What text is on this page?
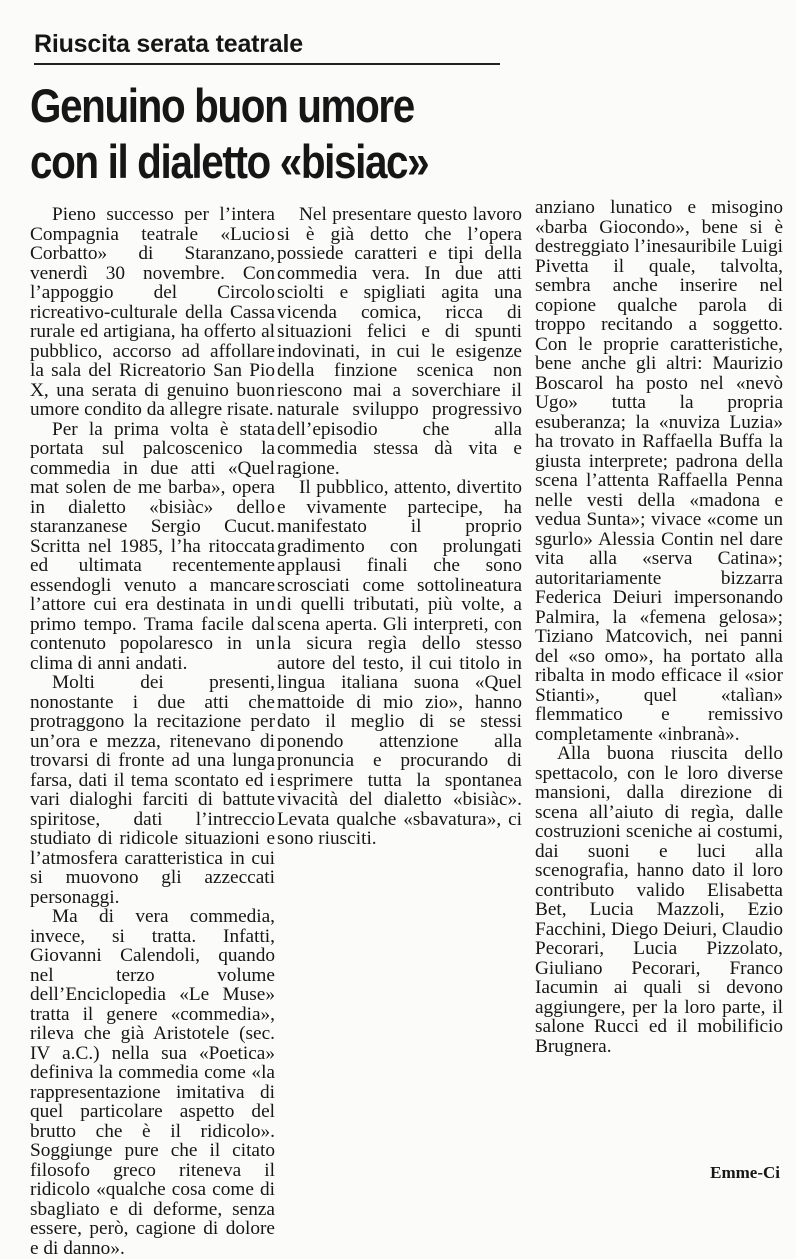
Riuscita serata teatrale
Genuino buon umore
con il dialetto «bisiac»

Pieno successo per l’intera Compagnia teatrale «Lucio Corbatto» di Staranzano, venerdì 30 novembre. Con l’appoggio del Circolo ricreativo-culturale della Cassa rurale ed artigiana, ha offerto al pubblico, accorso ad affollare la sala del Ricreatorio San Pio X, una serata di genuino buon umore condito da allegre risate.

Per la prima volta è stata portata sul palcoscenico la commedia in due atti «Quel mat solen de me barba», opera in dialetto «bisiàc» dello staranzanese Sergio Cucut. Scritta nel 1985, l’ha ritoccata ed ultimata recentemente essendogli venuto a mancare l’attore cui era destinata in un primo tempo. Trama facile dal contenuto popolaresco in un clima di anni andati.

Molti dei presenti, nonostante i due atti che protraggono la recitazione per un’ora e mezza, ritenevano di trovarsi di fronte ad una lunga farsa, dati il tema scontato ed i vari dialoghi farciti di battute spiritose, dati l’intreccio studiato di ridicole situazioni e l’atmosfera caratteristica in cui si muovono gli azzeccati personaggi.

Ma di vera commedia, invece, si tratta. Infatti, Giovanni Calendoli, quando nel terzo volume dell’Enciclopedia «Le Muse» tratta il genere «commedia», rileva che già Aristotele (sec. IV a.C.) nella sua «Poetica» definiva la commedia come «la rappresentazione imitativa di quel particolare aspetto del brutto che è il ridicolo». Soggiunge pure che il citato filosofo greco riteneva il ridicolo «qualche cosa come di sbagliato e di deforme, senza essere, però, cagione di dolore e di danno».

Nel presentare questo lavoro si è già detto che l’opera possiede caratteri e tipi della commedia vera. In due atti sciolti e spigliati agita una vicenda comica, ricca di situazioni felici e di spunti indovinati, in cui le esigenze della finzione scenica non riescono mai a soverchiare il naturale sviluppo progressivo dell’episodio che alla commedia stessa dà vita e ragione.

Il pubblico, attento, divertito e vivamente partecipe, ha manifestato il proprio gradimento con prolungati applausi finali che sono scrosciati come sottolineatura di quelli tributati, più volte, a scena aperta. Gli interpreti, con la sicura regìa dello stesso autore del testo, il cui titolo in lingua italiana suona «Quel mattoide di mio zio», hanno dato il meglio di se stessi ponendo attenzione alla pronuncia e procurando di esprimere tutta la spontanea vivacità del dialetto «bisiàc». Levata qualche «sbavatura», ci sono riusciti.

anziano lunatico e misogino «barba Giocondo», bene si è destreggiato l’inesauribile Luigi Pivetta il quale, talvolta, sembra anche inserire nel copione qualche parola di troppo recitando a soggetto. Con le proprie caratteristiche, bene anche gli altri: Maurizio Boscarol ha posto nel «nevò Ugo» tutta la propria esuberanza; la «nuviza Luzia» ha trovato in Raffaella Buffa la giusta interprete; padrona della scena l’attenta Raffaella Penna nelle vesti della «madona e vedua Sunta»; vivace «come un sgurlo» Alessia Contin nel dare vita alla «serva Catina»; autoritariamente bizzarra Federica Deiuri impersonando Palmira, la «femena gelosa»; Tiziano Matcovich, nei panni del «so omo», ha portato alla ribalta in modo efficace il «sior Stianti», quel «talìan» flemmatico e remissivo completamente «inbranà».

Alla buona riuscita dello spettacolo, con le loro diverse mansioni, dalla direzione di scena all’aiuto di regìa, dalle costruzioni sceniche ai costumi, dai suoni e luci alla scenografia, hanno dato il loro contributo valido Elisabetta Bet, Lucia Mazzoli, Ezio Facchini, Diego Deiuri, Claudio Pecorari, Lucia Pizzolato, Giuliano Pecorari, Franco Iacumin ai quali si devono aggiungere, per la loro parte, il salone Rucci ed il mobilificio Brugnera.

Emme-Ci
